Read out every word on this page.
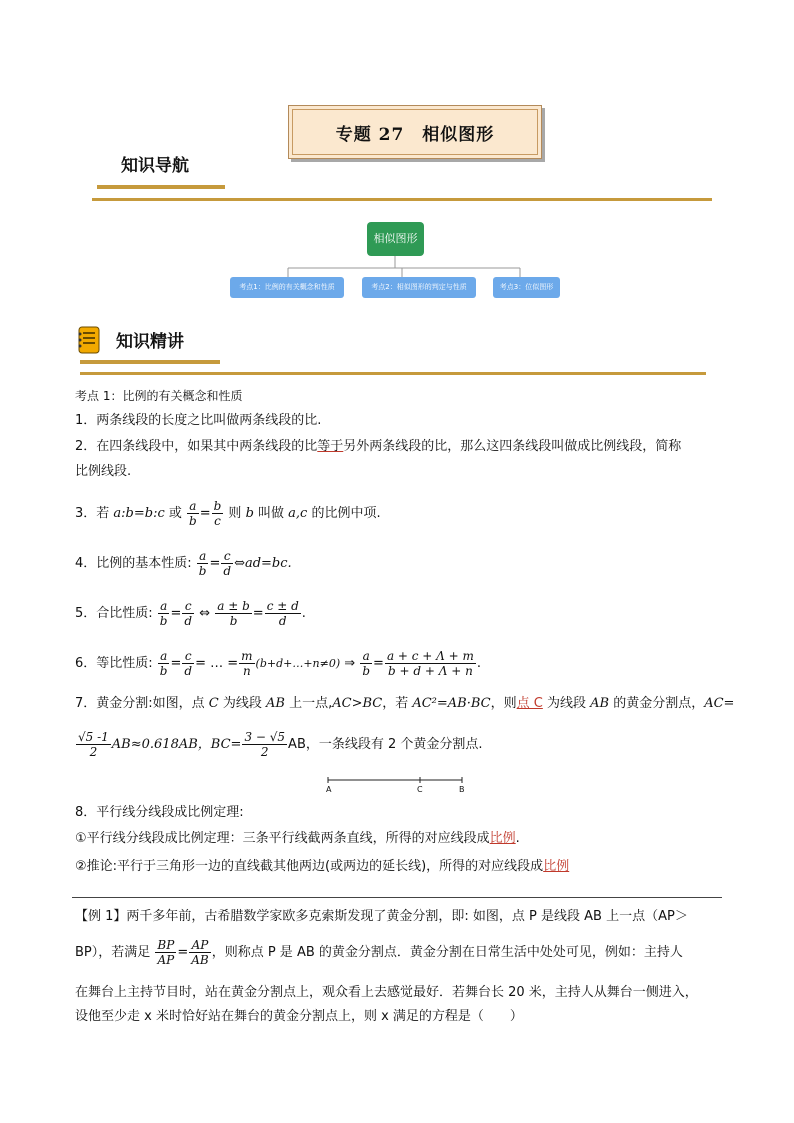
专题 27　相似图形
知识导航
相似图形
考点1：比例的有关概念和性质	考点2：相似图形的判定与性质	考点3：位似图形
知识精讲
考点 1：比例的有关概念和性质
1．两条线段的长度之比叫做两条线段的比.
2．在四条线段中，如果其中两条线段的比等于另外两条线段的比，那么这四条线段叫做成比例线段，简称
比例线段.
3．若 a:b=b:c 或 $\frac{a}{b} = \frac{b}{c}$ 则 b 叫做 a,c 的比例中项.
4．比例的基本性质: $\frac{a}{b} = \frac{c}{d}$ ⇔ad=bc.
5．合比性质: $\frac{a}{b} = \frac{c}{d}$ ⇔ $\frac{a \pm b}{b} = \frac{c \pm d}{d}$ .
6．等比性质: $\frac{a}{b} = \frac{c}{d}$ = … = $\frac{m}{n}$ (b+d+…+n≠0) ⇒ $\frac{a}{b} = \frac{a + c + \Lambda + m}{b + d + \Lambda + n}$ .
7．黄金分割:如图，点 C 为线段 AB 上一点,AC>BC，若 AC²=AB·BC，则点 C 为线段 AB 的黄金分割点，AC=
$\frac{√5 -1}{2} AB\approx 0.618AB$，$BC= \frac{3 - √5}{2}$ AB，一条线段有 2 个黄金分割点.
A	C	B
8．平行线分线段成比例定理:
①平行线分线段成比例定理：三条平行线截两条直线，所得的对应线段成比例.
②推论:平行于三角形一边的直线截其他两边(或两边的延长线)，所得的对应线段成比例
【例 1】两千多年前，古希腊数学家欧多克索斯发现了黄金分割，即: 如图，点 P 是线段 AB 上一点（AP＞
BP），若满足 $\frac{BP}{AP} = \frac{AP}{AB}$ ，则称点 P 是 AB 的黄金分割点．黄金分割在日常生活中处处可见，例如：主持人
在舞台上主持节目时，站在黄金分割点上，观众看上去感觉最好．若舞台长 20 米，主持人从舞台一侧进入，
设他至少走 x 米时恰好站在舞台的黄金分割点上，则 x 满足的方程是（　　）
